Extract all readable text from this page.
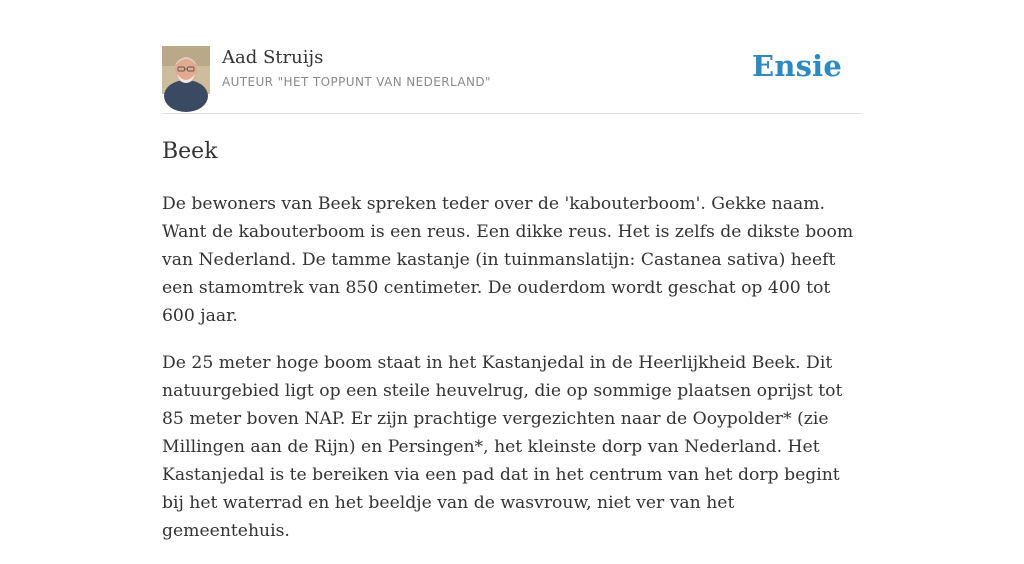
Aad Struijs
AUTEUR "HET TOPPUNT VAN NEDERLAND"	Ensie
Beek

De bewoners van Beek spreken teder over de 'kabouterboom'. Gekke naam. Want de kabouterboom is een reus. Een dikke reus. Het is zelfs de dikste boom van Nederland. De tamme kastanje (in tuinmanslatijn: Castanea sativa) heeft een stamomtrek van 850 centimeter. De ouderdom wordt geschat op 400 tot 600 jaar.

De 25 meter hoge boom staat in het Kastanjedal in de Heerlijkheid Beek. Dit natuurgebied ligt op een steile heuvelrug, die op sommige plaatsen oprijst tot 85 meter boven NAP. Er zijn prachtige vergezichten naar de Ooypolder* (zie Millingen aan de Rijn) en Persingen*, het kleinste dorp van Nederland. Het Kastanjedal is te bereiken via een pad dat in het centrum van het dorp begint bij het waterrad en het beeldje van de wasvrouw, niet ver van het gemeentehuis.
